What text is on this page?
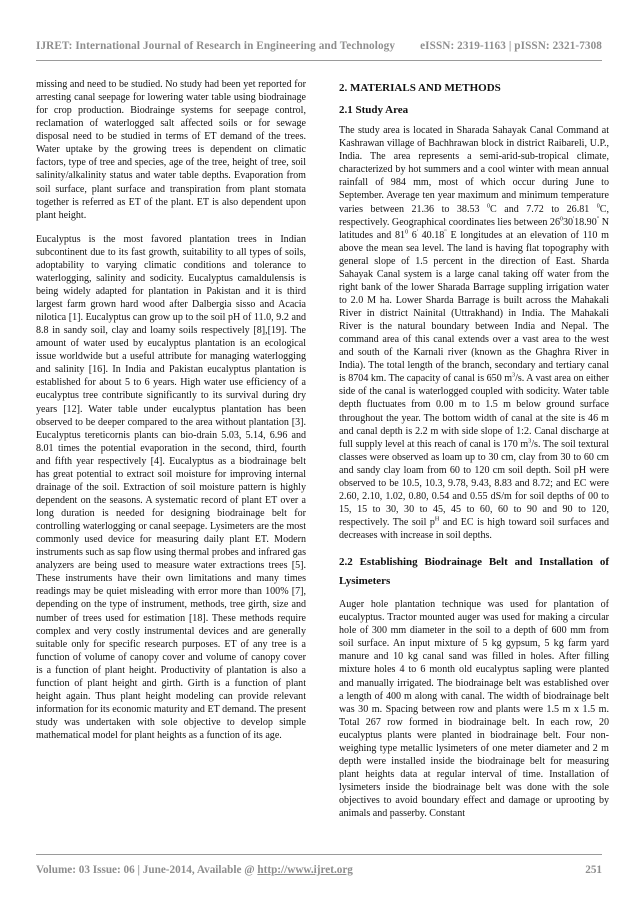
IJRET: International Journal of Research in Engineering and Technology eISSN: 2319-1163 | pISSN: 2321-7308

missing and need to be studied. No study had been yet reported for arresting canal seepage for lowering water table using biodrainage for crop production. Biodrainge systems for seepage control, reclamation of waterlogged salt affected soils or for sewage disposal need to be studied in terms of ET demand of the trees. Water uptake by the growing trees is dependent on climatic factors, type of tree and species, age of the tree, height of tree, soil salinity/alkalinity status and water table depths. Evaporation from soil surface, plant surface and transpiration from plant stomata together is referred as ET of the plant. ET is also dependent upon plant height.

Eucalyptus is the most favored plantation trees in Indian subcontinent due to its fast growth, suitability to all types of soils, adoptability to varying climatic conditions and tolerance to waterlogging, salinity and sodicity. Eucalyptus camaldulensis is being widely adapted for plantation in Pakistan and it is third largest farm grown hard wood after Dalbergia sisso and Acacia nilotica [1]. Eucalyptus can grow up to the soil pH of 11.0, 9.2 and 8.8 in sandy soil, clay and loamy soils respectively [8],[19]. The amount of water used by eucalyptus plantation is an ecological issue worldwide but a useful attribute for managing waterlogging and salinity [16]. In India and Pakistan eucalyptus plantation is established for about 5 to 6 years. High water use efficiency of a eucalyptus tree contribute significantly to its survival during dry years [12]. Water table under eucalyptus plantation has been observed to be deeper compared to the area without plantation [3]. Eucalyptus tereticornis plants can bio-drain 5.03, 5.14, 6.96 and 8.01 times the potential evaporation in the second, third, fourth and fifth year respectively [4]. Eucalyptus as a biodrainage belt has great potential to extract soil moisture for improving internal drainage of the soil. Extraction of soil moisture pattern is highly dependent on the seasons. A systematic record of plant ET over a long duration is needed for designing biodrainage belt for controlling waterlogging or canal seepage. Lysimeters are the most commonly used device for measuring daily plant ET. Modern instruments such as sap flow using thermal probes and infrared gas analyzers are being used to measure water extractions trees [5]. These instruments have their own limitations and many times readings may be quiet misleading with error more than 100% [7], depending on the type of instrument, methods, tree girth, size and number of trees used for estimation [18]. These methods require complex and very costly instrumental devices and are generally suitable only for specific research purposes. ET of any tree is a function of volume of canopy cover and volume of canopy cover is a function of plant height. Productivity of plantation is also a function of plant height and girth. Girth is a function of plant height again. Thus plant height modeling can provide relevant information for its economic maturity and ET demand. The present study was undertaken with sole objective to develop simple mathematical model for plant heights as a function of its age.

2. MATERIALS AND METHODS
2.1 Study Area

The study area is located in Sharada Sahayak Canal Command at Kashrawan village of Bachhrawan block in district Raibareli, U.P., India. The area represents a semi-arid-sub-tropical climate, characterized by hot summers and a cool winter with mean annual rainfall of 984 mm, most of which occur during June to September. Average ten year maximum and minimum temperature varies between 21.36 to 38.53 $^0$C and 7.72 to 26.81 $^0$C, respectively. Geographical coordinates lies between $26^030'18.90^"$ N latitudes and $81^0$ 6' 40.18" E longitudes at an elevation of 110 m above the mean sea level. The land is having flat topography with general slope of 1.5 percent in the direction of East. Sharda Sahayak Canal system is a large canal taking off water from the right bank of the lower Sharada Barrage suppling irrigation water to 2.0 M ha. Lower Sharda Barrage is built across the Mahakali River in district Nainital (Uttrakhand) in India. The Mahakali River is the natural boundary between India and Nepal. The command area of this canal extends over a vast area to the west and south of the Karnali river (known as the Ghaghra River in India). The total length of the branch, secondary and tertiary canal is 8704 km. The capacity of canal is 650 $m^3/s$. A vast area on either side of the canal is waterlogged coupled with sodicity. Water table depth fluctuates from 0.00 m to 1.5 m below ground surface throughout the year. The bottom width of canal at the site is 46 m and canal depth is 2.2 m with side slope of 1:2. Canal discharge at full supply level at this reach of canal is 170 $m^3/s$. The soil textural classes were observed as loam up to 30 cm, clay from 30 to 60 cm and sandy clay loam from 60 to 120 cm soil depth. Soil pH were observed to be 10.5, 10.3, 9.78, 9.43, 8.83 and 8.72; and EC were 2.60, 2.10, 1.02, 0.80, 0.54 and 0.55 dS/m for soil depths of 00 to 15, 15 to 30, 30 to 45, 45 to 60, 60 to 90 and 90 to 120, respectively. The soil $p^H$ and EC is high toward soil surfaces and decreases with increase in soil depths.

2.2 Establishing Biodrainage Belt and Installation of Lysimeters

Auger hole plantation technique was used for plantation of eucalyptus. Tractor mounted auger was used for making a circular hole of 300 mm diameter in the soil to a depth of 600 mm from soil surface. An input mixture of 5 kg gypsum, 5 kg farm yard manure and 10 kg canal sand was filled in holes. After filling mixture holes 4 to 6 month old eucalyptus sapling were planted and manually irrigated. The biodrainage belt was established over a length of 400 m along with canal. The width of biodrainage belt was 30 m. Spacing between row and plants were 1.5 m x 1.5 m. Total 267 row formed in biodrainage belt. In each row, 20 eucalyptus plants were planted in biodrainage belt. Four non-weighing type metallic lysimeters of one meter diameter and 2 m depth were installed inside the biodrainage belt for measuring plant heights data at regular interval of time. Installation of lysimeters inside the biodrainage belt was done with the sole objectives to avoid boundary effect and damage or uprooting by animals and passerby. Constant

Volume: 03 Issue: 06 | June-2014, Available @ http://www.ijret.org	251
